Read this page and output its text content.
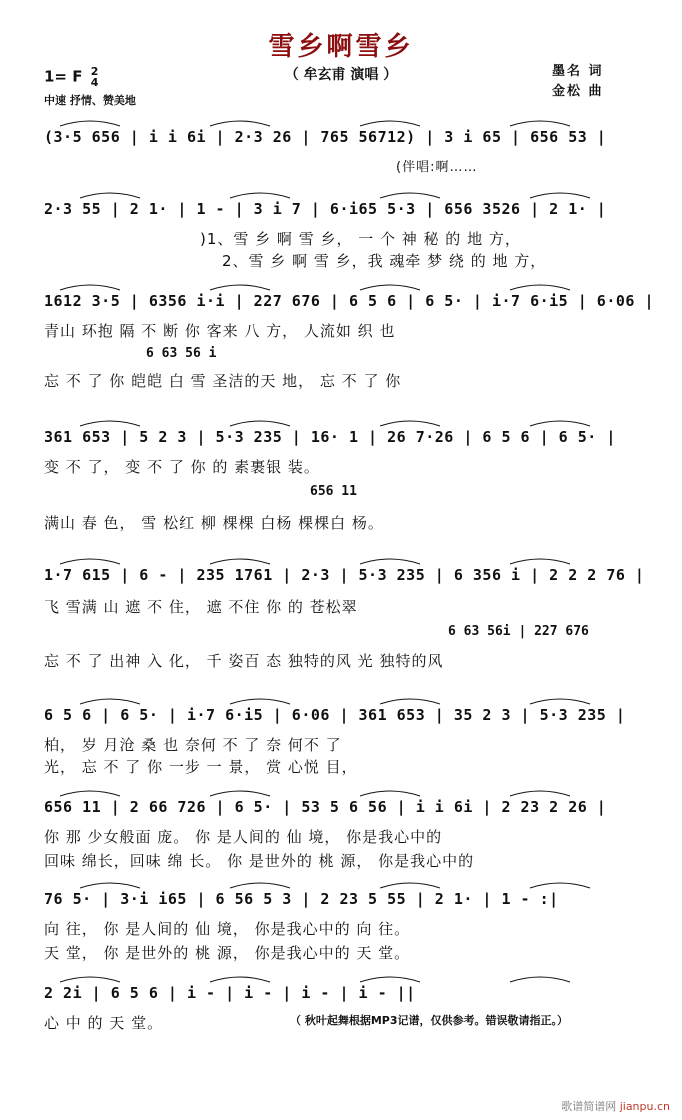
雪乡啊雪乡
（ 牟玄甫 演唱 ）
1= F 2
4
中速 抒情、赞美地
墨名 词
金松 曲
(3·5 656 | i i 6i | 2·3 26 | 765 56712) | 3 i 65 | 656 53 |
(伴唱:啊……
2·3 55 | 2 1· | 1 - | 3 i 7 | 6·i65 5·3 | 656 3526 | 2 1· |
)1、雪 乡 啊 雪 乡， 一 个 神 秘 的 地 方，
2、雪 乡 啊 雪 乡，我 魂牵 梦 绕 的 地 方，
1612 3·5 | 6356 i·i | 227 676 | 6 5 6 | 6 5· | i·7 6·i5 | 6·06 |
青山 环抱 隔 不 断 你 客来 八 方， 人流如 织 也
6 63 56 i
忘 不 了 你 皑皑 白 雪 圣洁的天 地， 忘 不 了 你
361 653 | 5 2 3 | 5·3 235 | 16· 1 | 26 7·26 | 6 5 6 | 6 5· |
变 不 了， 变 不 了 你 的 素裹银 装。
656 11
满山 春 色， 雪 松红 柳 棵棵 白杨 棵棵白 杨。
1·7 615 | 6 - | 235 1761 | 2·3 | 5·3 235 | 6 356 i | 2 2 2 76 |
飞 雪满 山 遮 不 住， 遮 不住 你 的 苍松翠
6 63 56i | 227 676
忘 不 了 出神 入 化， 千 姿百 态 独特的风 光 独特的风
6 5 6 | 6 5· | i·7 6·i5 | 6·06 | 361 653 | 35 2 3 | 5·3 235 |
柏， 岁 月沧 桑 也 奈何 不 了 奈 何不 了
光， 忘 不 了 你 一步 一 景， 赏 心悦 目，
656 11 | 2 66 726 | 6 5· | 53 5 6 56 | i i 6i | 2 23 2 26 |
你 那 少女般面 庞。 你 是人间的 仙 境， 你是我心中的
回味 绵长，回味 绵 长。 你 是世外的 桃 源， 你是我心中的
76 5· | 3·i i65 | 6 56 5 3 | 2 23 5 55 | 2 1· | 1 - :|
向 往， 你 是人间的 仙 境， 你是我心中的 向 往。
天 堂， 你 是世外的 桃 源， 你是我心中的 天 堂。
2 2i | 6 5 6 | i - | i - | i - | i - ||
心 中 的 天 堂。	（ 秋叶起舞根据MP3记谱，仅供参考。错误敬请指正。）
歌谱简谱网 jianpu.cn
